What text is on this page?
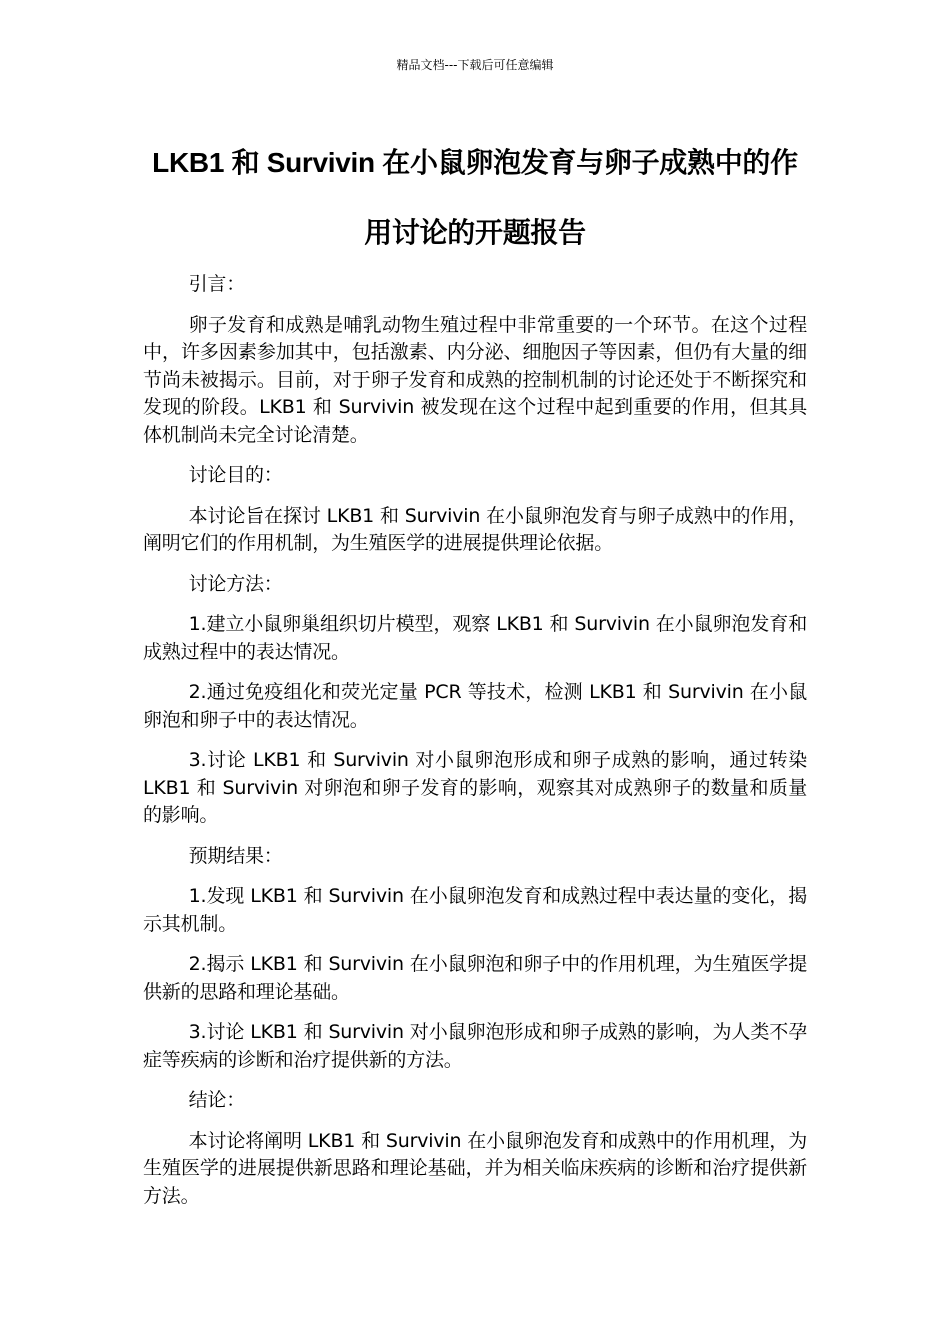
精品文档---下载后可任意编辑
LKB1 和 Survivin 在小鼠卵泡发育与卵子成熟中的作用讨论的开题报告

引言：

卵子发育和成熟是哺乳动物生殖过程中非常重要的一个环节。在这个过程中，许多因素参加其中，包括激素、内分泌、细胞因子等因素，但仍有大量的细节尚未被揭示。目前，对于卵子发育和成熟的控制机制的讨论还处于不断探究和发现的阶段。LKB1 和 Survivin 被发现在这个过程中起到重要的作用，但其具体机制尚未完全讨论清楚。

讨论目的：

本讨论旨在探讨 LKB1 和 Survivin 在小鼠卵泡发育与卵子成熟中的作用，阐明它们的作用机制，为生殖医学的进展提供理论依据。

讨论方法：

1.建立小鼠卵巢组织切片模型，观察 LKB1 和 Survivin 在小鼠卵泡发育和成熟过程中的表达情况。

2.通过免疫组化和荧光定量 PCR 等技术，检测 LKB1 和 Survivin 在小鼠卵泡和卵子中的表达情况。

3.讨论 LKB1 和 Survivin 对小鼠卵泡形成和卵子成熟的影响，通过转染 LKB1 和 Survivin 对卵泡和卵子发育的影响，观察其对成熟卵子的数量和质量的影响。

预期结果：

1.发现 LKB1 和 Survivin 在小鼠卵泡发育和成熟过程中表达量的变化，揭示其机制。

2.揭示 LKB1 和 Survivin 在小鼠卵泡和卵子中的作用机理，为生殖医学提供新的思路和理论基础。

3.讨论 LKB1 和 Survivin 对小鼠卵泡形成和卵子成熟的影响，为人类不孕症等疾病的诊断和治疗提供新的方法。

结论：

本讨论将阐明 LKB1 和 Survivin 在小鼠卵泡发育和成熟中的作用机理，为生殖医学的进展提供新思路和理论基础，并为相关临床疾病的诊断和治疗提供新方法。
